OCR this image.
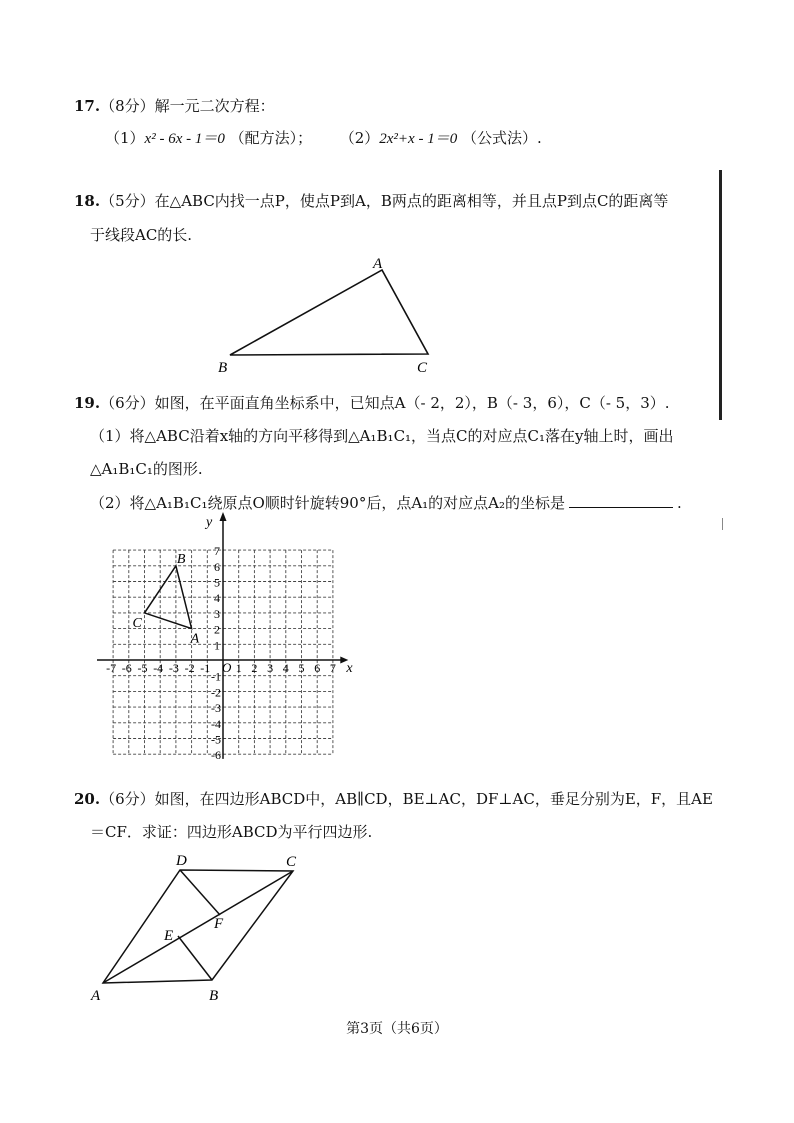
17.（8分）解一元二次方程：
（1）x² - 6x - 1＝0 （配方法）； （2）2x²+x - 1＝0 （公式法）.
18.（5分）在△ABC内找一点P，使点P到A，B两点的距离相等，并且点P到点C的距离等
于线段AC的长.
A
B	C
19.（6分）如图，在平面直角坐标系中，已知点A（- 2，2），B（- 3，6），C（- 5，3）.
（1）将△ABC沿着x轴的方向平移得到△A₁B₁C₁，当点C的对应点C₁落在y轴上时，画出
△A₁B₁C₁的图形.
（2）将△A₁B₁C₁绕原点O顺时针旋转90°后，点A₁的对应点A₂的坐标是	.
-7 -6 -5 -4 -3 -2 -1 1 2 3 4 5 6 7
7
6
5
4
3
2
1
-1
-2
-3
-4
-5
-6
A
B
C
y
x
O
20.（6分）如图，在四边形ABCD中，AB∥CD，BE⊥AC，DF⊥AC，垂足分别为E，F，且AE
＝CF．求证：四边形ABCD为平行四边形.
A	B
C
D
E
F
第3页（共6页）
